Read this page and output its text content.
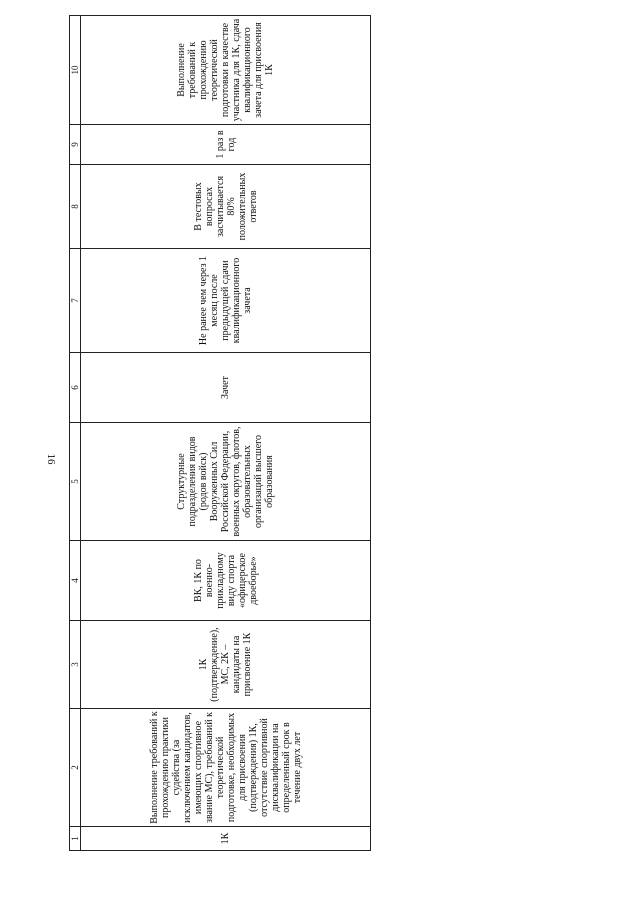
16
1	2	3	4	5	6	7	8	9	10
1К	Выполнение требований к прохождению практики судейства (за исключением кандидатов, имеющих спортивное звание МС), требований к теоретической подготовке, необходимых для присвоения (подтверждения) 1К, отсутствие спортивной дисквалификации на определенный срок в течение двух лет	1К (подтверждение), МС, 2К – кандидаты на присвоение 1К	ВК, 1К по военно-прикладному виду спорта «офицерское двоеборье»	Структурные подразделения видов (родов войск) Вооруженных Сил Российской Федерации, военных округов, флотов, образовательных организаций высшего образования	Зачет	Не ранее чем через 1 месяц после предыдущей сдачи квалификационного зачета	В тестовых вопросах засчитывается 80% положительных ответов	1 раз в год	Выполнение требований к прохождению теоретической подготовки в качестве участника для 1К, сдача квалификационного зачета для присвоения 1К
